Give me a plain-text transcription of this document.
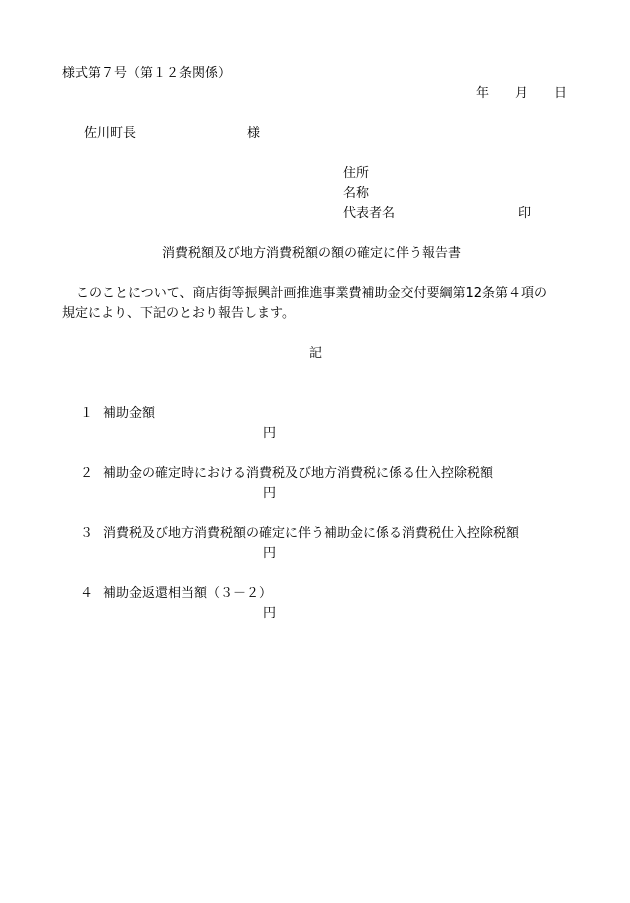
様式第７号（第１２条関係）
年 月 日
佐川町長	様
住所
名称
代表者名	印
消費税額及び地方消費税額の額の確定に伴う報告書
このことについて、商店街等振興計画推進事業費補助金交付要綱第12条第４項の
規定により、下記のとおり報告します。
記
１ 補助金額
円
２ 補助金の確定時における消費税及び地方消費税に係る仕入控除税額
円
３ 消費税及び地方消費税額の確定に伴う補助金に係る消費税仕入控除税額
円
４ 補助金返還相当額（３－２）
円
